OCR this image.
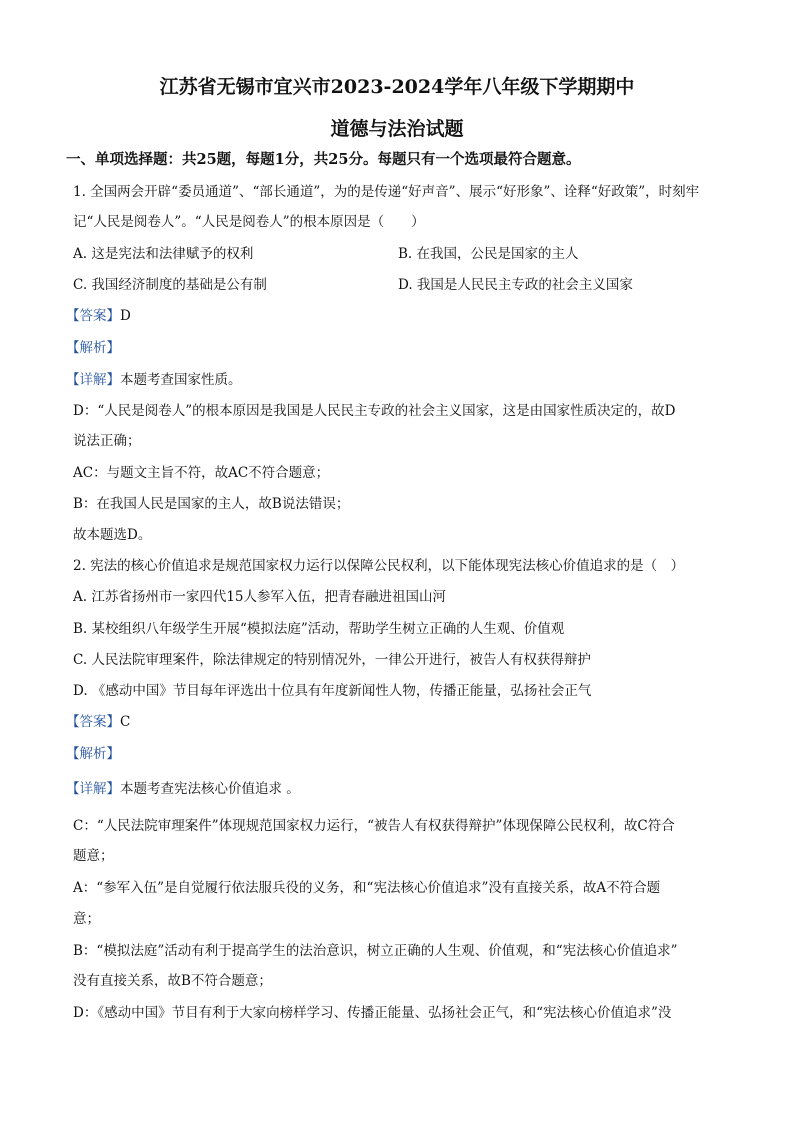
江苏省无锡市宜兴市2023-2024学年八年级下学期期中
道德与法治试题
一、单项选择题：共25题，每题1分，共25分。每题只有一个选项最符合题意。
1. 全国两会开辟“委员通道”、“部长通道”，为的是传递“好声音”、展示“好形象”、诠释“好政策”，时刻牢
记“人民是阅卷人”。“人民是阅卷人”的根本原因是（　　）
A. 这是宪法和法律赋予的权利	B. 在我国，公民是国家的主人
C. 我国经济制度的基础是公有制	D. 我国是人民民主专政的社会主义国家
【答案】D
【解析】
【详解】本题考查国家性质。
D：“人民是阅卷人”的根本原因是我国是人民民主专政的社会主义国家，这是由国家性质决定的，故D
说法正确；
AC：与题文主旨不符，故AC不符合题意；
B：在我国人民是国家的主人，故B说法错误；
故本题选D。
2. 宪法的核心价值追求是规范国家权力运行以保障公民权利，以下能体现宪法核心价值追求的是（　）
A. 江苏省扬州市一家四代15人参军入伍，把青春融进祖国山河
B. 某校组织八年级学生开展“模拟法庭”活动，帮助学生树立正确的人生观、价值观
C. 人民法院审理案件，除法律规定的特别情况外，一律公开进行，被告人有权获得辩护
D. 《感动中国》节目每年评选出十位具有年度新闻性人物，传播正能量，弘扬社会正气
【答案】C
【解析】
【详解】本题考查宪法核心价值追求 。
C：“人民法院审理案件”体现规范国家权力运行，“被告人有权获得辩护”体现保障公民权利，故C符合
题意；
A：“参军入伍”是自觉履行依法服兵役的义务，和“宪法核心价值追求”没有直接关系，故A不符合题
意；
B：“模拟法庭”活动有利于提高学生的法治意识，树立正确的人生观、价值观，和“宪法核心价值追求”
没有直接关系，故B不符合题意；
D：《感动中国》节目有利于大家向榜样学习、传播正能量、弘扬社会正气，和“宪法核心价值追求”没
